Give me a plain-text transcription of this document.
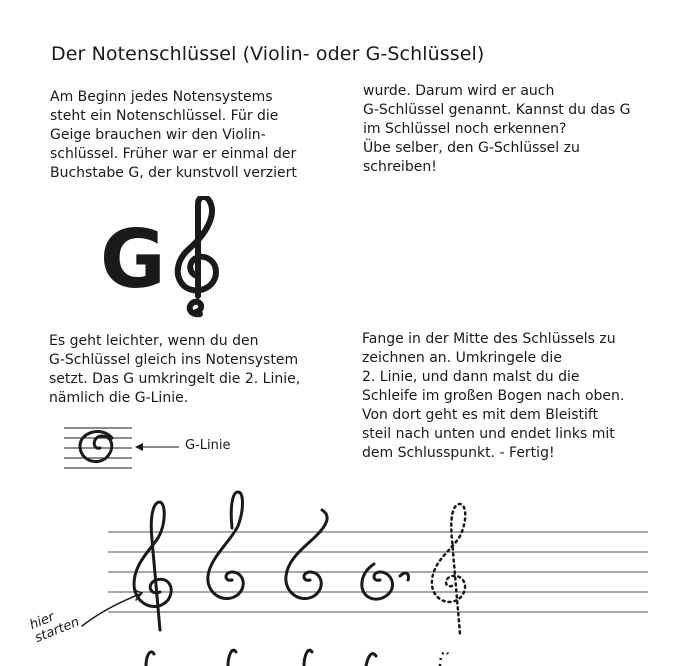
Der Notenschlüssel (Violin- oder G-Schlüssel)

Am Beginn jedes Notensystems
steht ein Notenschlüssel. Für die
Geige brauchen wir den Violin-
schlüssel. Früher war er einmal der
Buchstabe G, der kunstvoll verziert

wurde. Darum wird er auch
G-Schlüssel genannt. Kannst du das G
im Schlüssel noch erkennen?
Übe selber, den G-Schlüssel zu
schreiben!

G

Es geht leichter, wenn du den
G-Schlüssel gleich ins Notensystem
setzt. Das G umkringelt die 2. Linie,
nämlich die G-Linie.

Fange in der Mitte des Schlüssels zu
zeichnen an. Umkringele die
2. Linie, und dann malst du die
Schleife im großen Bogen nach oben.
Von dort geht es mit dem Bleistift
steil nach unten und endet links mit
dem Schlusspunkt. - Fertig!

G-Linie
hier
starten
